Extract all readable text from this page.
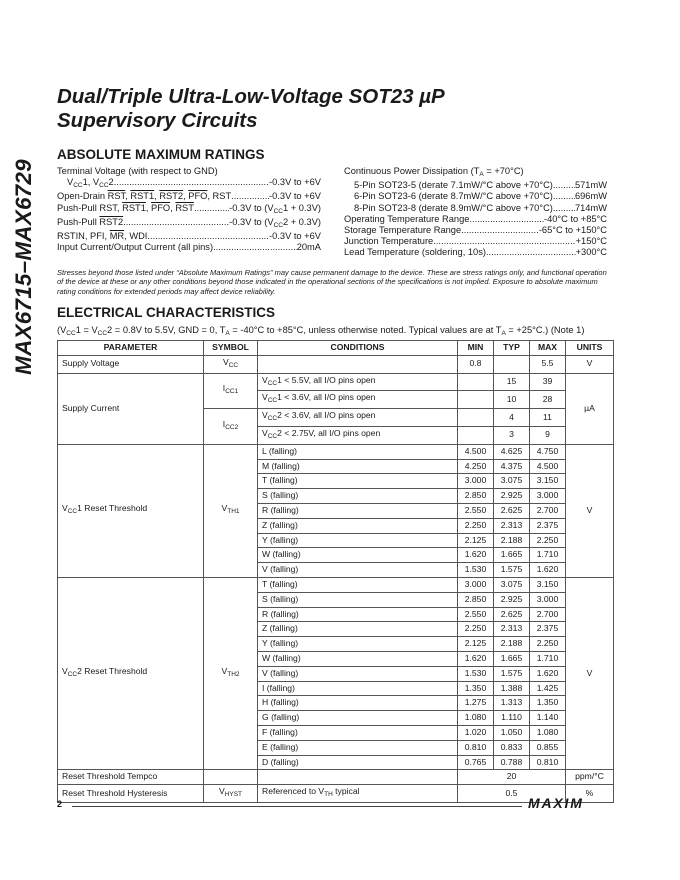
MAX6715–MAX6729
Dual/Triple Ultra-Low-Voltage SOT23 µP
Supervisory Circuits
ABSOLUTE MAXIMUM RATINGS
Terminal Voltage (with respect to GND)
$V_{CC}1$, $V_{CC}2$ .....	-0.3V to +6V
Open-Drain $\overline{RST}$, RST1, RST2, $\overline{PFO}$, RST .....	-0.3V to +6V
Push-Pull RST, RST1, $\overline{PFO}$, $\overline{RST}$ .....	-0.3V to $(V_{CC}1 + 0.3V)$
Push-Pull RST2 .....	-0.3V to $(V_{CC}2 + 0.3V)$
RSTIN, PFI, $\overline{MR}$, WDI .....	-0.3V to +6V
Input Current/Output Current (all pins) .....	20mA
Continuous Power Dissipation $(T_A = +70^\circ C)$
5-Pin SOT23-5 (derate 7.1mW/°C above +70°C) ..... 571mW
6-Pin SOT23-6 (derate 8.7mW/°C above +70°C) ..... 696mW
8-Pin SOT23-8 (derate 8.9mW/°C above +70°C) ..... 714mW
Operating Temperature Range .....	-40°C to +85°C
Storage Temperature Range .....	-65°C to +150°C
Junction Temperature .....	+150°C
Lead Temperature (soldering, 10s) .....	+300°C
Stresses beyond those listed under “Absolute Maximum Ratings” may cause permanent damage to the device. These are stress ratings only, and functional operation of the device at these or any other conditions beyond those indicated in the operational sections of the specifications is not implied. Exposure to absolute maximum rating conditions for extended periods may affect device reliability.
ELECTRICAL CHARACTERISTICS
($V_{CC}1 = V_{CC}2 = 0.8V$ to 5.5V, GND = 0, $T_A = -40^\circ C$ to +85°C, unless otherwise noted. Typical values are at $T_A = +25^\circ C$.) (Note 1)
PARAMETER	SYMBOL	CONDITIONS	MIN	TYP	MAX	UNITS
Supply Voltage	$V_{CC}$		0.8		5.5	V
Supply Current	$I_{CC1}$	$V_{CC}1 < 5.5V$, all I/O pins open		15	39	µA
		$V_{CC}1 < 3.6V$, all I/O pins open		10	28	
	$I_{CC2}$	$V_{CC}2 < 3.6V$, all I/O pins open		4	11	
		$V_{CC}2 < 2.75V$, all I/O pins open		3	9	
$V_{CC}1$ Reset Threshold	$V_{TH1}$	L (falling)	4.500	4.625	4.750	V
		M (falling)	4.250	4.375	4.500	
		T (falling)	3.000	3.075	3.150	
		S (falling)	2.850	2.925	3.000	
		R (falling)	2.550	2.625	2.700	
		Z (falling)	2.250	2.313	2.375	
		Y (falling)	2.125	2.188	2.250	
		W (falling)	1.620	1.665	1.710	
		V (falling)	1.530	1.575	1.620	
$V_{CC}2$ Reset Threshold	$V_{TH2}$	T (falling)	3.000	3.075	3.150	V
		S (falling)	2.850	2.925	3.000	
		R (falling)	2.550	2.625	2.700	
		Z (falling)	2.250	2.313	2.375	
		Y (falling)	2.125	2.188	2.250	
		W (falling)	1.620	1.665	1.710	
		V (falling)	1.530	1.575	1.620	
		I (falling)	1.350	1.388	1.425	
		H (falling)	1.275	1.313	1.350	
		G (falling)	1.080	1.110	1.140	
		F (falling)	1.020	1.050	1.080	
		E (falling)	0.810	0.833	0.855	
		D (falling)	0.765	0.788	0.810	
Reset Threshold Tempco			20			ppm/°C
Reset Threshold Hysteresis	$V_{HYST}$	Referenced to $V_{TH}$ typical	0.5			%
2	MAXIM
